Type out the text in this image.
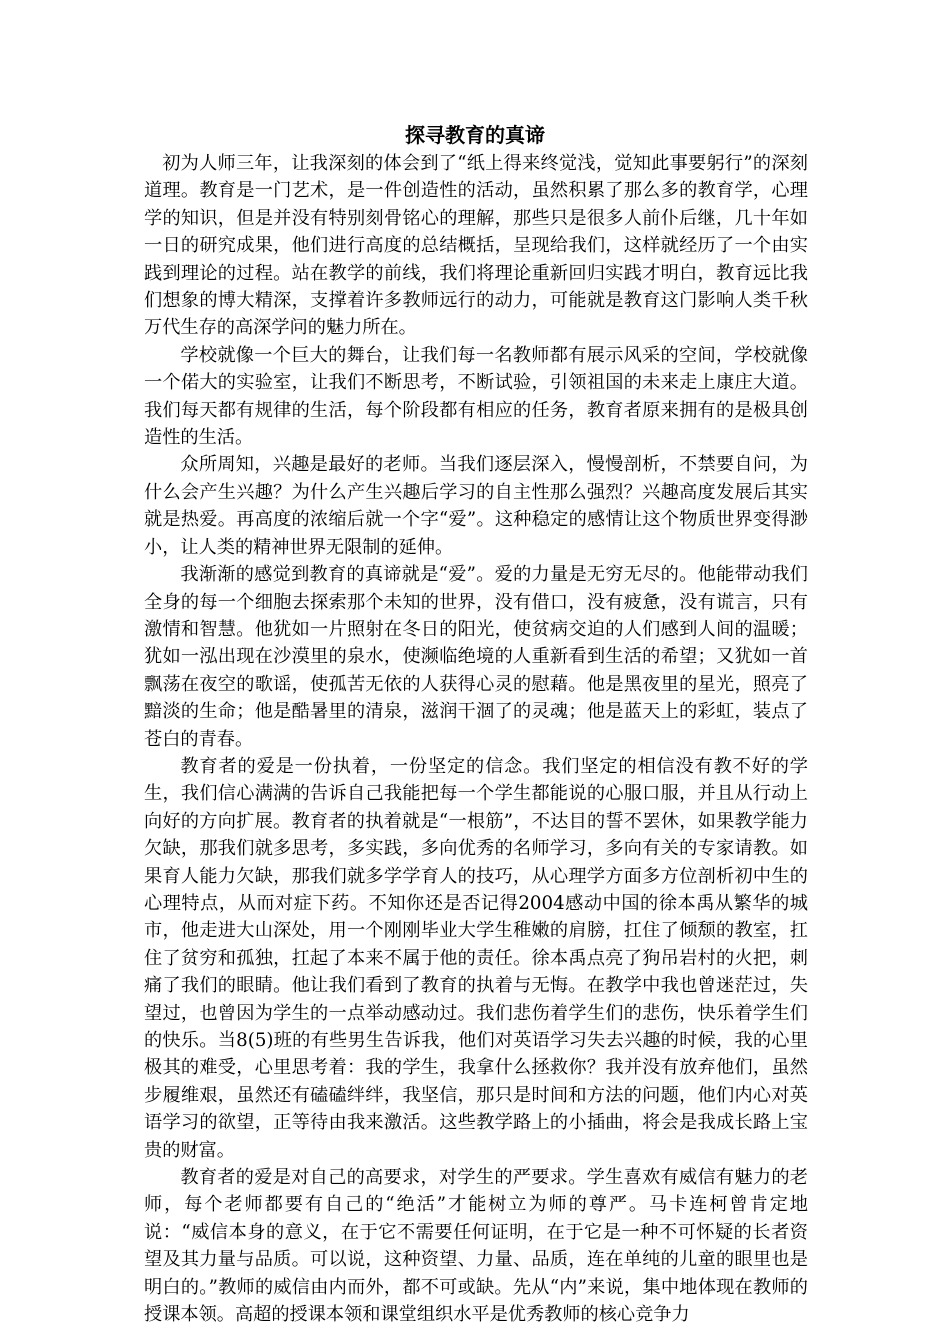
探寻教育的真谛

初为人师三年，让我深刻的体会到了“纸上得来终觉浅，觉知此事要躬行”的深刻道理。教育是一门艺术，是一件创造性的活动，虽然积累了那么多的教育学，心理学的知识，但是并没有特别刻骨铭心的理解，那些只是很多人前仆后继，几十年如一日的研究成果，他们进行高度的总结概括，呈现给我们，这样就经历了一个由实践到理论的过程。站在教学的前线，我们将理论重新回归实践才明白，教育远比我们想象的博大精深，支撑着许多教师远行的动力，可能就是教育这门影响人类千秋万代生存的高深学问的魅力所在。

学校就像一个巨大的舞台，让我们每一名教师都有展示风采的空间，学校就像一个偌大的实验室，让我们不断思考，不断试验，引领祖国的未来走上康庄大道。我们每天都有规律的生活，每个阶段都有相应的任务，教育者原来拥有的是极具创造性的生活。

众所周知，兴趣是最好的老师。当我们逐层深入，慢慢剖析，不禁要自问，为什么会产生兴趣？为什么产生兴趣后学习的自主性那么强烈？兴趣高度发展后其实就是热爱。再高度的浓缩后就一个字“爱”。这种稳定的感情让这个物质世界变得渺小，让人类的精神世界无限制的延伸。

我渐渐的感觉到教育的真谛就是“爱”。爱的力量是无穷无尽的。他能带动我们全身的每一个细胞去探索那个未知的世界，没有借口，没有疲惫，没有谎言，只有激情和智慧。他犹如一片照射在冬日的阳光，使贫病交迫的人们感到人间的温暖；犹如一泓出现在沙漠里的泉水，使濒临绝境的人重新看到生活的希望；又犹如一首飘荡在夜空的歌谣，使孤苦无依的人获得心灵的慰藉。他是黑夜里的星光，照亮了黯淡的生命；他是酷暑里的清泉，滋润干涸了的灵魂；他是蓝天上的彩虹，装点了苍白的青春。

教育者的爱是一份执着，一份坚定的信念。我们坚定的相信没有教不好的学生，我们信心满满的告诉自己我能把每一个学生都能说的心服口服，并且从行动上向好的方向扩展。教育者的执着就是“一根筋”，不达目的誓不罢休，如果教学能力欠缺，那我们就多思考，多实践，多向优秀的名师学习，多向有关的专家请教。如果育人能力欠缺，那我们就多学学育人的技巧，从心理学方面多方位剖析初中生的心理特点，从而对症下药。不知你还是否记得2004感动中国的徐本禹从繁华的城市，他走进大山深处，用一个刚刚毕业大学生稚嫩的肩膀，扛住了倾颓的教室，扛住了贫穷和孤独，扛起了本来不属于他的责任。徐本禹点亮了狗吊岩村的火把，刺痛了我们的眼睛。他让我们看到了教育的执着与无悔。在教学中我也曾迷茫过，失望过，也曾因为学生的一点举动感动过。我们悲伤着学生们的悲伤，快乐着学生们的快乐。当8(5)班的有些男生告诉我，他们对英语学习失去兴趣的时候，我的心里极其的难受，心里思考着：我的学生，我拿什么拯救你？我并没有放弃他们，虽然步履维艰，虽然还有磕磕绊绊，我坚信，那只是时间和方法的问题，他们内心对英语学习的欲望，正等待由我来激活。这些教学路上的小插曲，将会是我成长路上宝贵的财富。

教育者的爱是对自己的高要求，对学生的严要求。学生喜欢有威信有魅力的老师，每个老师都要有自己的“绝活”才能树立为师的尊严。马卡连柯曾肯定地说：“威信本身的意义，在于它不需要任何证明，在于它是一种不可怀疑的长者资望及其力量与品质。可以说，这种资望、力量、品质，连在单纯的儿童的眼里也是明白的。”教师的威信由内而外，都不可或缺。先从“内”来说，集中地体现在教师的授课本领。高超的授课本领和课堂组织水平是优秀教师的核心竞争力
